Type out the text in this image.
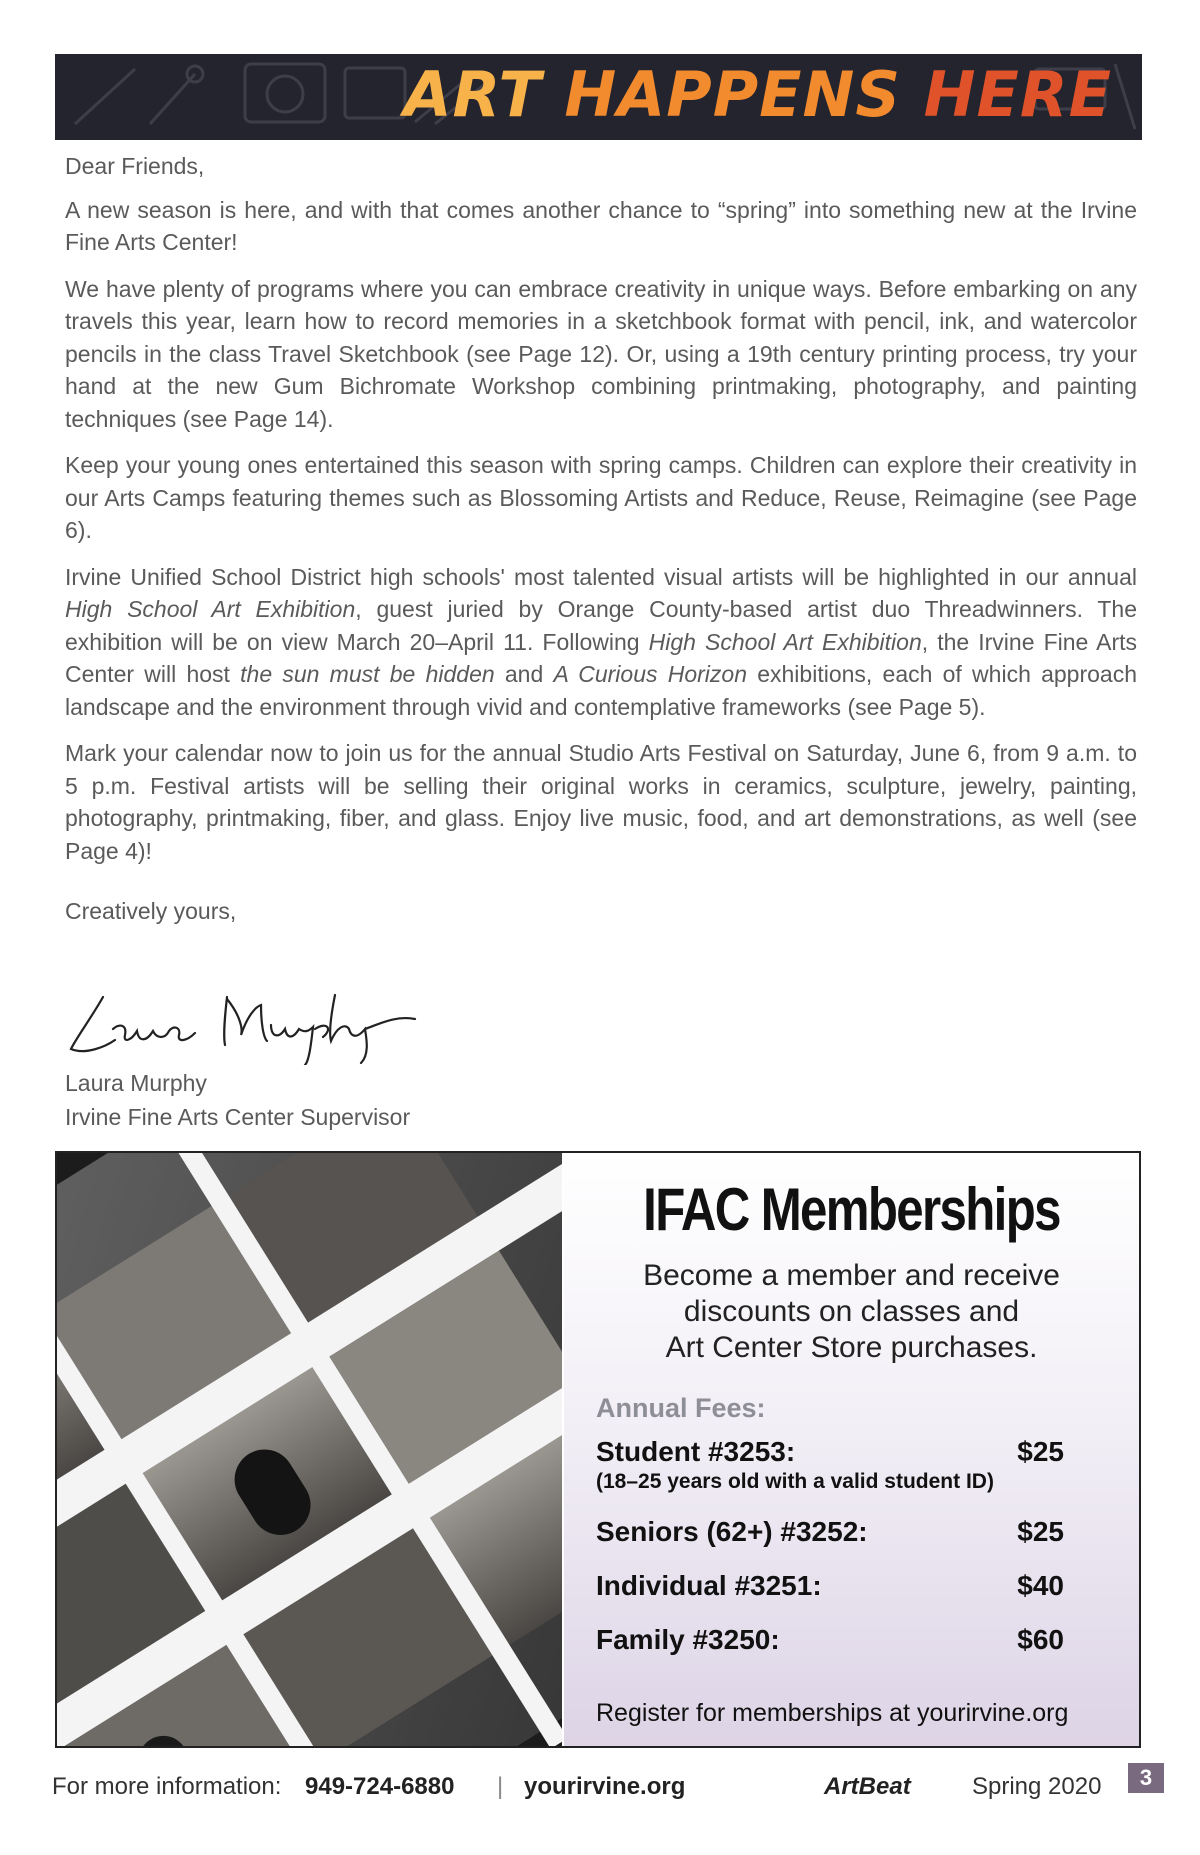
ART HAPPENS HERE

Dear Friends,

A new season is here, and with that comes another chance to “spring” into something new at the Irvine Fine Arts Center!

We have plenty of programs where you can embrace creativity in unique ways. Before embarking on any travels this year, learn how to record memories in a sketchbook format with pencil, ink, and watercolor pencils in the class Travel Sketchbook (see Page 12). Or, using a 19th century printing process, try your hand at the new Gum Bichromate Workshop combining printmaking, photography, and painting techniques (see Page 14).

Keep your young ones entertained this season with spring camps. Children can explore their creativity in our Arts Camps featuring themes such as Blossoming Artists and Reduce, Reuse, Reimagine (see Page 6).

Irvine Unified School District high schools' most talented visual artists will be highlighted in our annual High School Art Exhibition, guest juried by Orange County-based artist duo Threadwinners. The exhibition will be on view March 20–April 11. Following High School Art Exhibition, the Irvine Fine Arts Center will host the sun must be hidden and A Curious Horizon exhibitions, each of which approach landscape and the environment through vivid and contemplative frameworks (see Page 5).

Mark your calendar now to join us for the annual Studio Arts Festival on Saturday, June 6, from 9 a.m. to 5 p.m. Festival artists will be selling their original works in ceramics, sculpture, jewelry, painting, photography, printmaking, fiber, and glass. Enjoy live music, food, and art demonstrations, as well (see Page 4)!

Creatively yours,

Laura Murphy
Irvine Fine Arts Center Supervisor
IFAC Memberships
Become a member and receive
discounts on classes and
Art Center Store purchases.
Annual Fees:
Student #3253:	$25
(18–25 years old with a valid student ID)
Seniors (62+) #3252:	$25
Individual #3251:	$40
Family #3250:	$60
Register for memberships at yourirvine.org
For more information: 949-724-6880 | yourirvine.org	ArtBeat	Spring 2020	3
